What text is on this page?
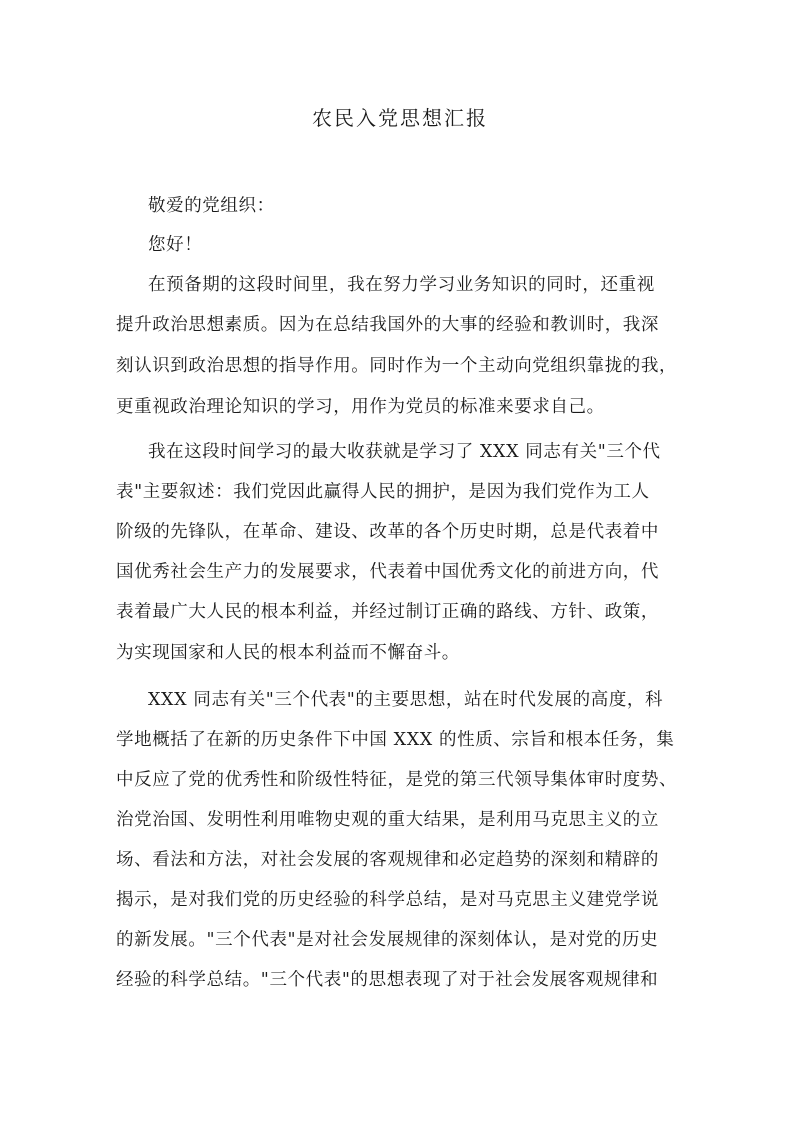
农民入党思想汇报
敬爱的党组织：
您好！
在预备期的这段时间里，我在努力学习业务知识的同时，还重视
提升政治思想素质。因为在总结我国外的大事的经验和教训时，我深
刻认识到政治思想的指导作用。同时作为一个主动向党组织靠拢的我，
更重视政治理论知识的学习，用作为党员的标准来要求自己。
我在这段时间学习的最大收获就是学习了 XXX 同志有关"三个代
表"主要叙述：我们党因此赢得人民的拥护，是因为我们党作为工人
阶级的先锋队，在革命、建设、改革的各个历史时期，总是代表着中
国优秀社会生产力的发展要求，代表着中国优秀文化的前进方向，代
表着最广大人民的根本利益，并经过制订正确的路线、方针、政策，
为实现国家和人民的根本利益而不懈奋斗。
XXX 同志有关"三个代表"的主要思想，站在时代发展的高度，科
学地概括了在新的历史条件下中国 XXX 的性质、宗旨和根本任务，集
中反应了党的优秀性和阶级性特征，是党的第三代领导集体审时度势、
治党治国、发明性利用唯物史观的重大结果，是利用马克思主义的立
场、看法和方法，对社会发展的客观规律和必定趋势的深刻和精辟的
揭示，是对我们党的历史经验的科学总结，是对马克思主义建党学说
的新发展。"三个代表"是对社会发展规律的深刻体认，是对党的历史
经验的科学总结。"三个代表"的思想表现了对于社会发展客观规律和
